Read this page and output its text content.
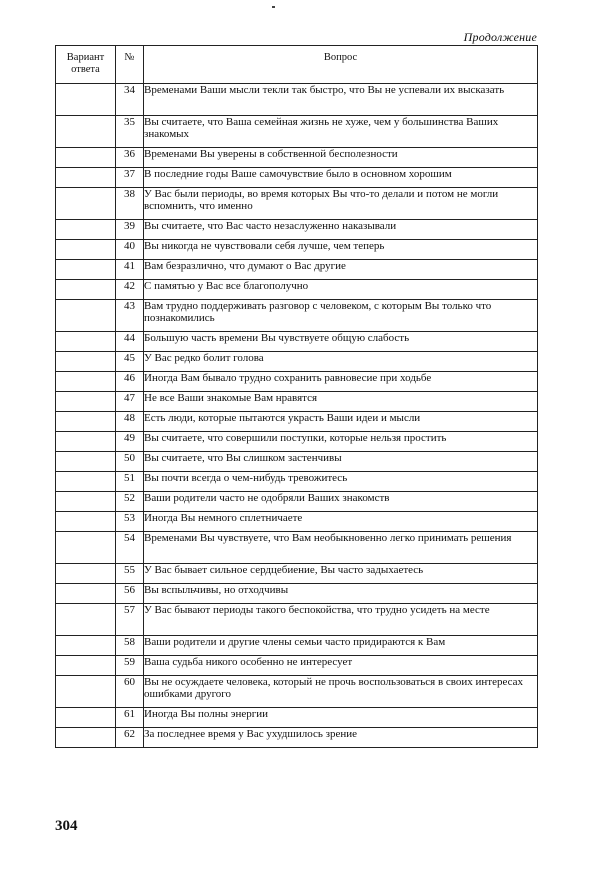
Продолжение
Вариант ответа	№	Вопрос
	34	Временами Ваши мысли текли так быстро, что Вы не успевали их высказать
	35	Вы считаете, что Ваша семейная жизнь не хуже, чем у большинства Ваших знакомых
	36	Временами Вы уверены в собственной бесполезности
	37	В последние годы Ваше самочувствие было в основном хорошим
	38	У Вас были периоды, во время которых Вы что-то делали и потом не могли вспомнить, что именно
	39	Вы считаете, что Вас часто незаслуженно наказывали
	40	Вы никогда не чувствовали себя лучше, чем теперь
	41	Вам безразлично, что думают о Вас другие
	42	С памятью у Вас все благополучно
	43	Вам трудно поддерживать разговор с человеком, с которым Вы только что познакомились
	44	Большую часть времени Вы чувствуете общую слабость
	45	У Вас редко болит голова
	46	Иногда Вам бывало трудно сохранить равновесие при ходьбе
	47	Не все Ваши знакомые Вам нравятся
	48	Есть люди, которые пытаются украсть Ваши идеи и мысли
	49	Вы считаете, что совершили поступки, которые нельзя простить
	50	Вы считаете, что Вы слишком застенчивы
	51	Вы почти всегда о чем-нибудь тревожитесь
	52	Ваши родители часто не одобряли Ваших знакомств
	53	Иногда Вы немного сплетничаете
	54	Временами Вы чувствуете, что Вам необыкновенно легко принимать решения
	55	У Вас бывает сильное сердцебиение, Вы часто задыхаетесь
	56	Вы вспыльчивы, но отходчивы
	57	У Вас бывают периоды такого беспокойства, что трудно усидеть на месте
	58	Ваши родители и другие члены семьи часто придираются к Вам
	59	Ваша судьба никого особенно не интересует
	60	Вы не осуждаете человека, который не прочь воспользоваться в своих интересах ошибками другого
	61	Иногда Вы полны энергии
	62	За последнее время у Вас ухудшилось зрение
304
